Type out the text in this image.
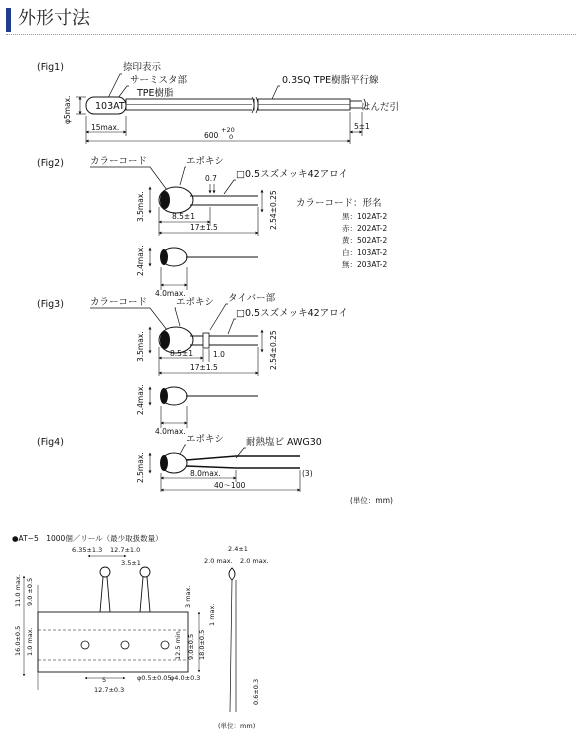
外形寸法
(Fig1)	捺印表示
サーミスタ部
TPE樹脂
0.3SQ TPE樹脂平行線
はんだ引
103AT
φ5max.
15max.	5±1
600
+20
0
(Fig2)	カラーコード	エポキシ
□0.5スズメッキ42アロイ
0.7
3.5max.	2.54±0.25
8.5±1
17±1.5
2.4max.
4.0max.
カラーコード：形名
黒：102AT-2
赤：202AT-2
黄：502AT-2
白：103AT-2
無：203AT-2
(Fig3)	カラーコード	エポキシ タイバー部
□0.5スズメッキ42アロイ
3.5max.	2.54±0.25
8.5±1	1.0
17±1.5
2.4max.
4.0max.
(Fig4)	エポキシ 耐熱塩ビ AWG30
2.5max.	8.0max.	(3)
40〜100
(単位：mm)
●AT−5　1000個／リール（最少取扱数量）
6.35±1.3 12.7±1.0
3.5±1
2.4±1
2.0 max. 2.0 max.
11.0 max. 9.0 ±0.5
16.0±0.5 1.0 max.
3 max.
18.0±0.5
9.0±0.5
12.5 min.
1 max.
0.6±0.3
12.7±0.3
φ0.5±0.05
φ4.0±0.3
5
(単位：mm)
